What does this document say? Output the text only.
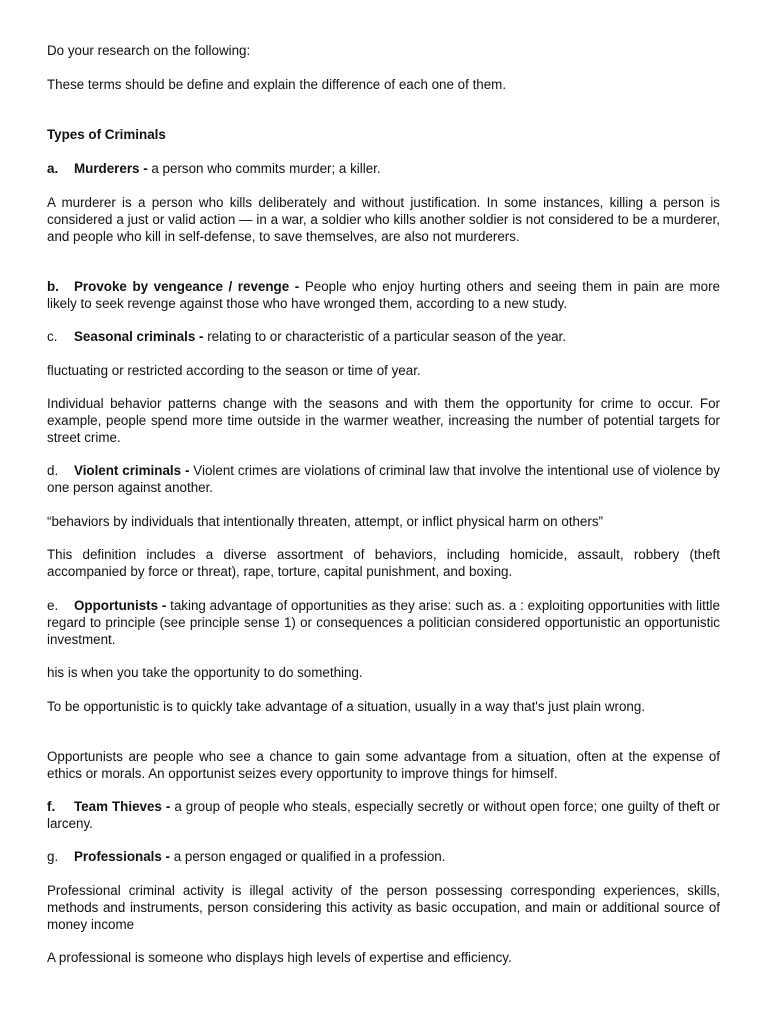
Do your research on the following:

These terms should be define and explain the difference of each one of them.

Types of Criminals

a. Murderers - a person who commits murder; a killer.

A murderer is a person who kills deliberately and without justification. In some instances, killing a person is considered a just or valid action — in a war, a soldier who kills another soldier is not considered to be a murderer, and people who kill in self-defense, to save themselves, are also not murderers.

b. Provoke by vengeance / revenge - People who enjoy hurting others and seeing them in pain are more likely to seek revenge against those who have wronged them, according to a new study.

c. Seasonal criminals - relating to or characteristic of a particular season of the year.

fluctuating or restricted according to the season or time of year.

Individual behavior patterns change with the seasons and with them the opportunity for crime to occur. For example, people spend more time outside in the warmer weather, increasing the number of potential targets for street crime.

d. Violent criminals - Violent crimes are violations of criminal law that involve the intentional use of violence by one person against another.

“behaviors by individuals that intentionally threaten, attempt, or inflict physical harm on others”

This definition includes a diverse assortment of behaviors, including homicide, assault, robbery (theft accompanied by force or threat), rape, torture, capital punishment, and boxing.

e. Opportunists - taking advantage of opportunities as they arise: such as. a : exploiting opportunities with little regard to principle (see principle sense 1) or consequences a politician considered opportunistic an opportunistic investment.

his is when you take the opportunity to do something.

To be opportunistic is to quickly take advantage of a situation, usually in a way that's just plain wrong.

Opportunists are people who see a chance to gain some advantage from a situation, often at the expense of ethics or morals. An opportunist seizes every opportunity to improve things for himself.

f. Team Thieves - a group of people who steals, especially secretly or without open force; one guilty of theft or larceny.

g. Professionals - a person engaged or qualified in a profession.

Professional criminal activity is illegal activity of the person possessing corresponding experiences, skills, methods and instruments, person considering this activity as basic occupation, and main or additional source of money income

A professional is someone who displays high levels of expertise and efficiency.
